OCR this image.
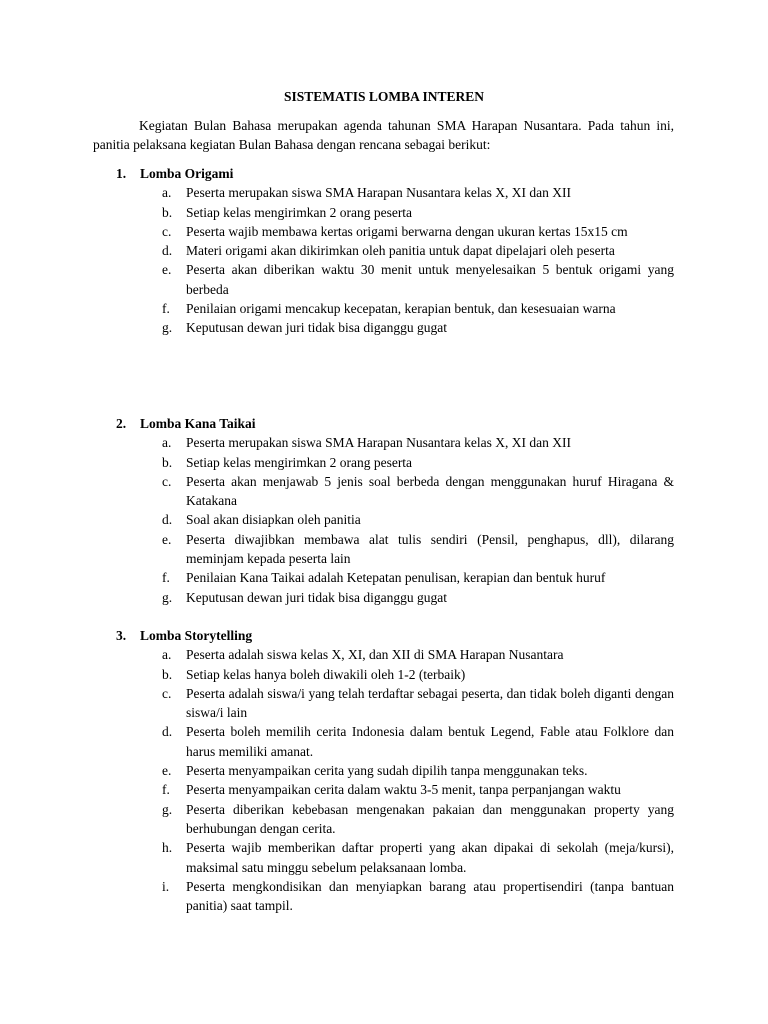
SISTEMATIS LOMBA INTEREN
Kegiatan Bulan Bahasa merupakan agenda tahunan SMA Harapan Nusantara. Pada tahun ini, panitia pelaksana kegiatan Bulan Bahasa dengan rencana sebagai berikut:
1. Lomba Origami
a. Peserta merupakan siswa SMA Harapan Nusantara kelas X, XI dan XII
b. Setiap kelas mengirimkan 2 orang peserta
c. Peserta wajib membawa kertas origami berwarna dengan ukuran kertas 15x15 cm
d. Materi origami akan dikirimkan oleh panitia untuk dapat dipelajari oleh peserta
e. Peserta akan diberikan waktu 30 menit untuk menyelesaikan 5 bentuk origami yang berbeda
f. Penilaian origami mencakup kecepatan, kerapian bentuk, dan kesesuaian warna
g. Keputusan dewan juri tidak bisa diganggu gugat
2. Lomba Kana Taikai
a. Peserta merupakan siswa SMA Harapan Nusantara kelas X, XI dan XII
b. Setiap kelas mengirimkan 2 orang peserta
c. Peserta akan menjawab 5 jenis soal berbeda dengan menggunakan huruf Hiragana & Katakana
d. Soal akan disiapkan oleh panitia
e. Peserta diwajibkan membawa alat tulis sendiri (Pensil, penghapus, dll), dilarang meminjam kepada peserta lain
f. Penilaian Kana Taikai adalah Ketepatan penulisan, kerapian dan bentuk huruf
g. Keputusan dewan juri tidak bisa diganggu gugat
3. Lomba Storytelling
a. Peserta adalah siswa kelas X, XI, dan XII di SMA Harapan Nusantara
b. Setiap kelas hanya boleh diwakili oleh 1-2 (terbaik)
c. Peserta adalah siswa/i yang telah terdaftar sebagai peserta, dan tidak boleh diganti dengan siswa/i lain
d. Peserta boleh memilih cerita Indonesia dalam bentuk Legend, Fable atau Folklore dan harus memiliki amanat.
e. Peserta menyampaikan cerita yang sudah dipilih tanpa menggunakan teks.
f. Peserta menyampaikan cerita dalam waktu 3-5 menit, tanpa perpanjangan waktu
g. Peserta diberikan kebebasan mengenakan pakaian dan menggunakan property yang berhubungan dengan cerita.
h. Peserta wajib memberikan daftar properti yang akan dipakai di sekolah (meja/kursi), maksimal satu minggu sebelum pelaksanaan lomba.
i. Peserta mengkondisikan dan menyiapkan barang atau propertisendiri (tanpa bantuan panitia) saat tampil.
